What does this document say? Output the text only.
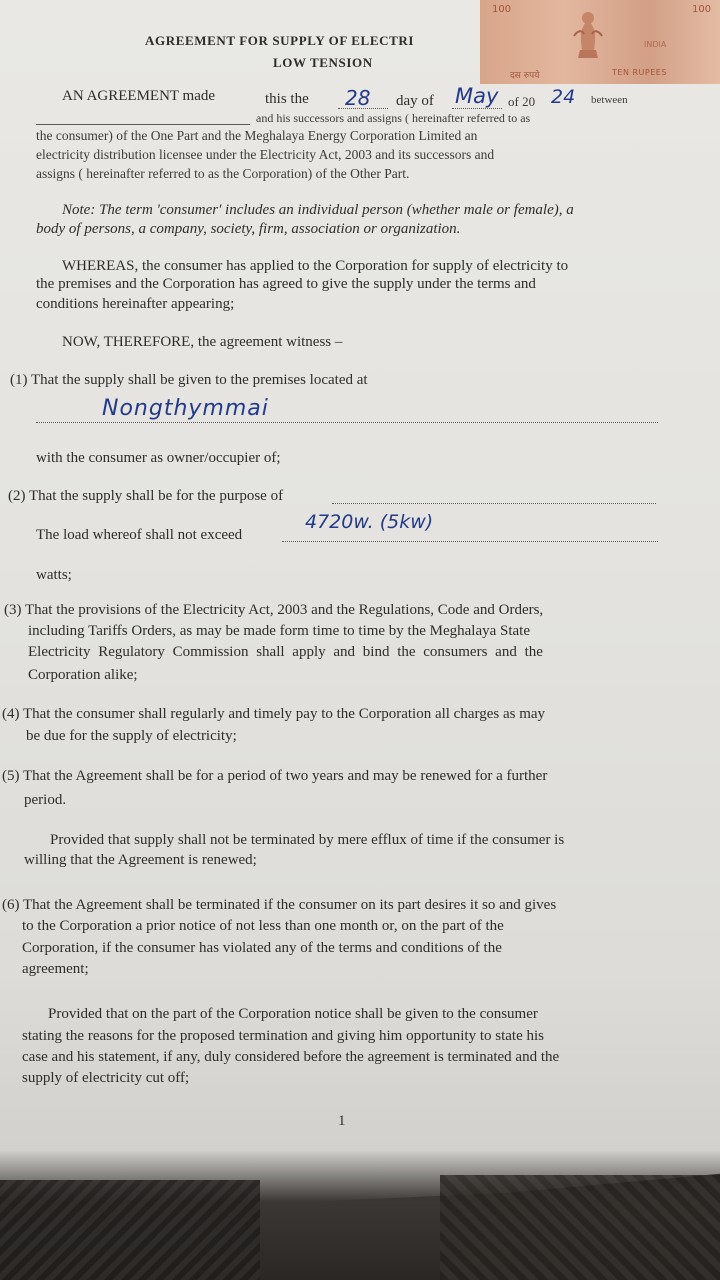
100	100
INDIA
दस रुपये	TEN RUPEES
AGREEMENT FOR SUPPLY OF ELECTRI
LOW TENSION
AN AGREEMENT made	this the 28 day of May of 20 24 between
and his successors and assigns ( hereinafter referred to as
the consumer) of the One Part and the Meghalaya Energy Corporation Limited an
electricity distribution licensee under the Electricity Act, 2003 and its successors and
assigns ( hereinafter referred to as the Corporation) of the Other Part.
Note: The term 'consumer' includes an individual person (whether male or female), a
body of persons, a company, society, firm, association or organization.
WHEREAS, the consumer has applied to the Corporation for supply of electricity to
the premises and the Corporation has agreed to give the supply under the terms and
conditions hereinafter appearing;
NOW, THEREFORE, the agreement witness –
(1) That the supply shall be given to the premises located at
Nongthymmai
with the consumer as owner/occupier of;
(2) That the supply shall be for the purpose of
The load whereof shall not exceed
4720w. (5kw)
watts;
(3) That the provisions of the Electricity Act, 2003 and the Regulations, Code and Orders,
including Tariffs Orders, as may be made form time to time by the Meghalaya State
Electricity Regulatory Commission shall apply and bind the consumers and the
Corporation alike;
(4) That the consumer shall regularly and timely pay to the Corporation all charges as may
be due for the supply of electricity;
(5) That the Agreement shall be for a period of two years and may be renewed for a further
period.
Provided that supply shall not be terminated by mere efflux of time if the consumer is
willing that the Agreement is renewed;
(6) That the Agreement shall be terminated if the consumer on its part desires it so and gives
to the Corporation a prior notice of not less than one month or, on the part of the
Corporation, if the consumer has violated any of the terms and conditions of the
agreement;
Provided that on the part of the Corporation notice shall be given to the consumer
stating the reasons for the proposed termination and giving him opportunity to state his
case and his statement, if any, duly considered before the agreement is terminated and the
supply of electricity cut off;
1
